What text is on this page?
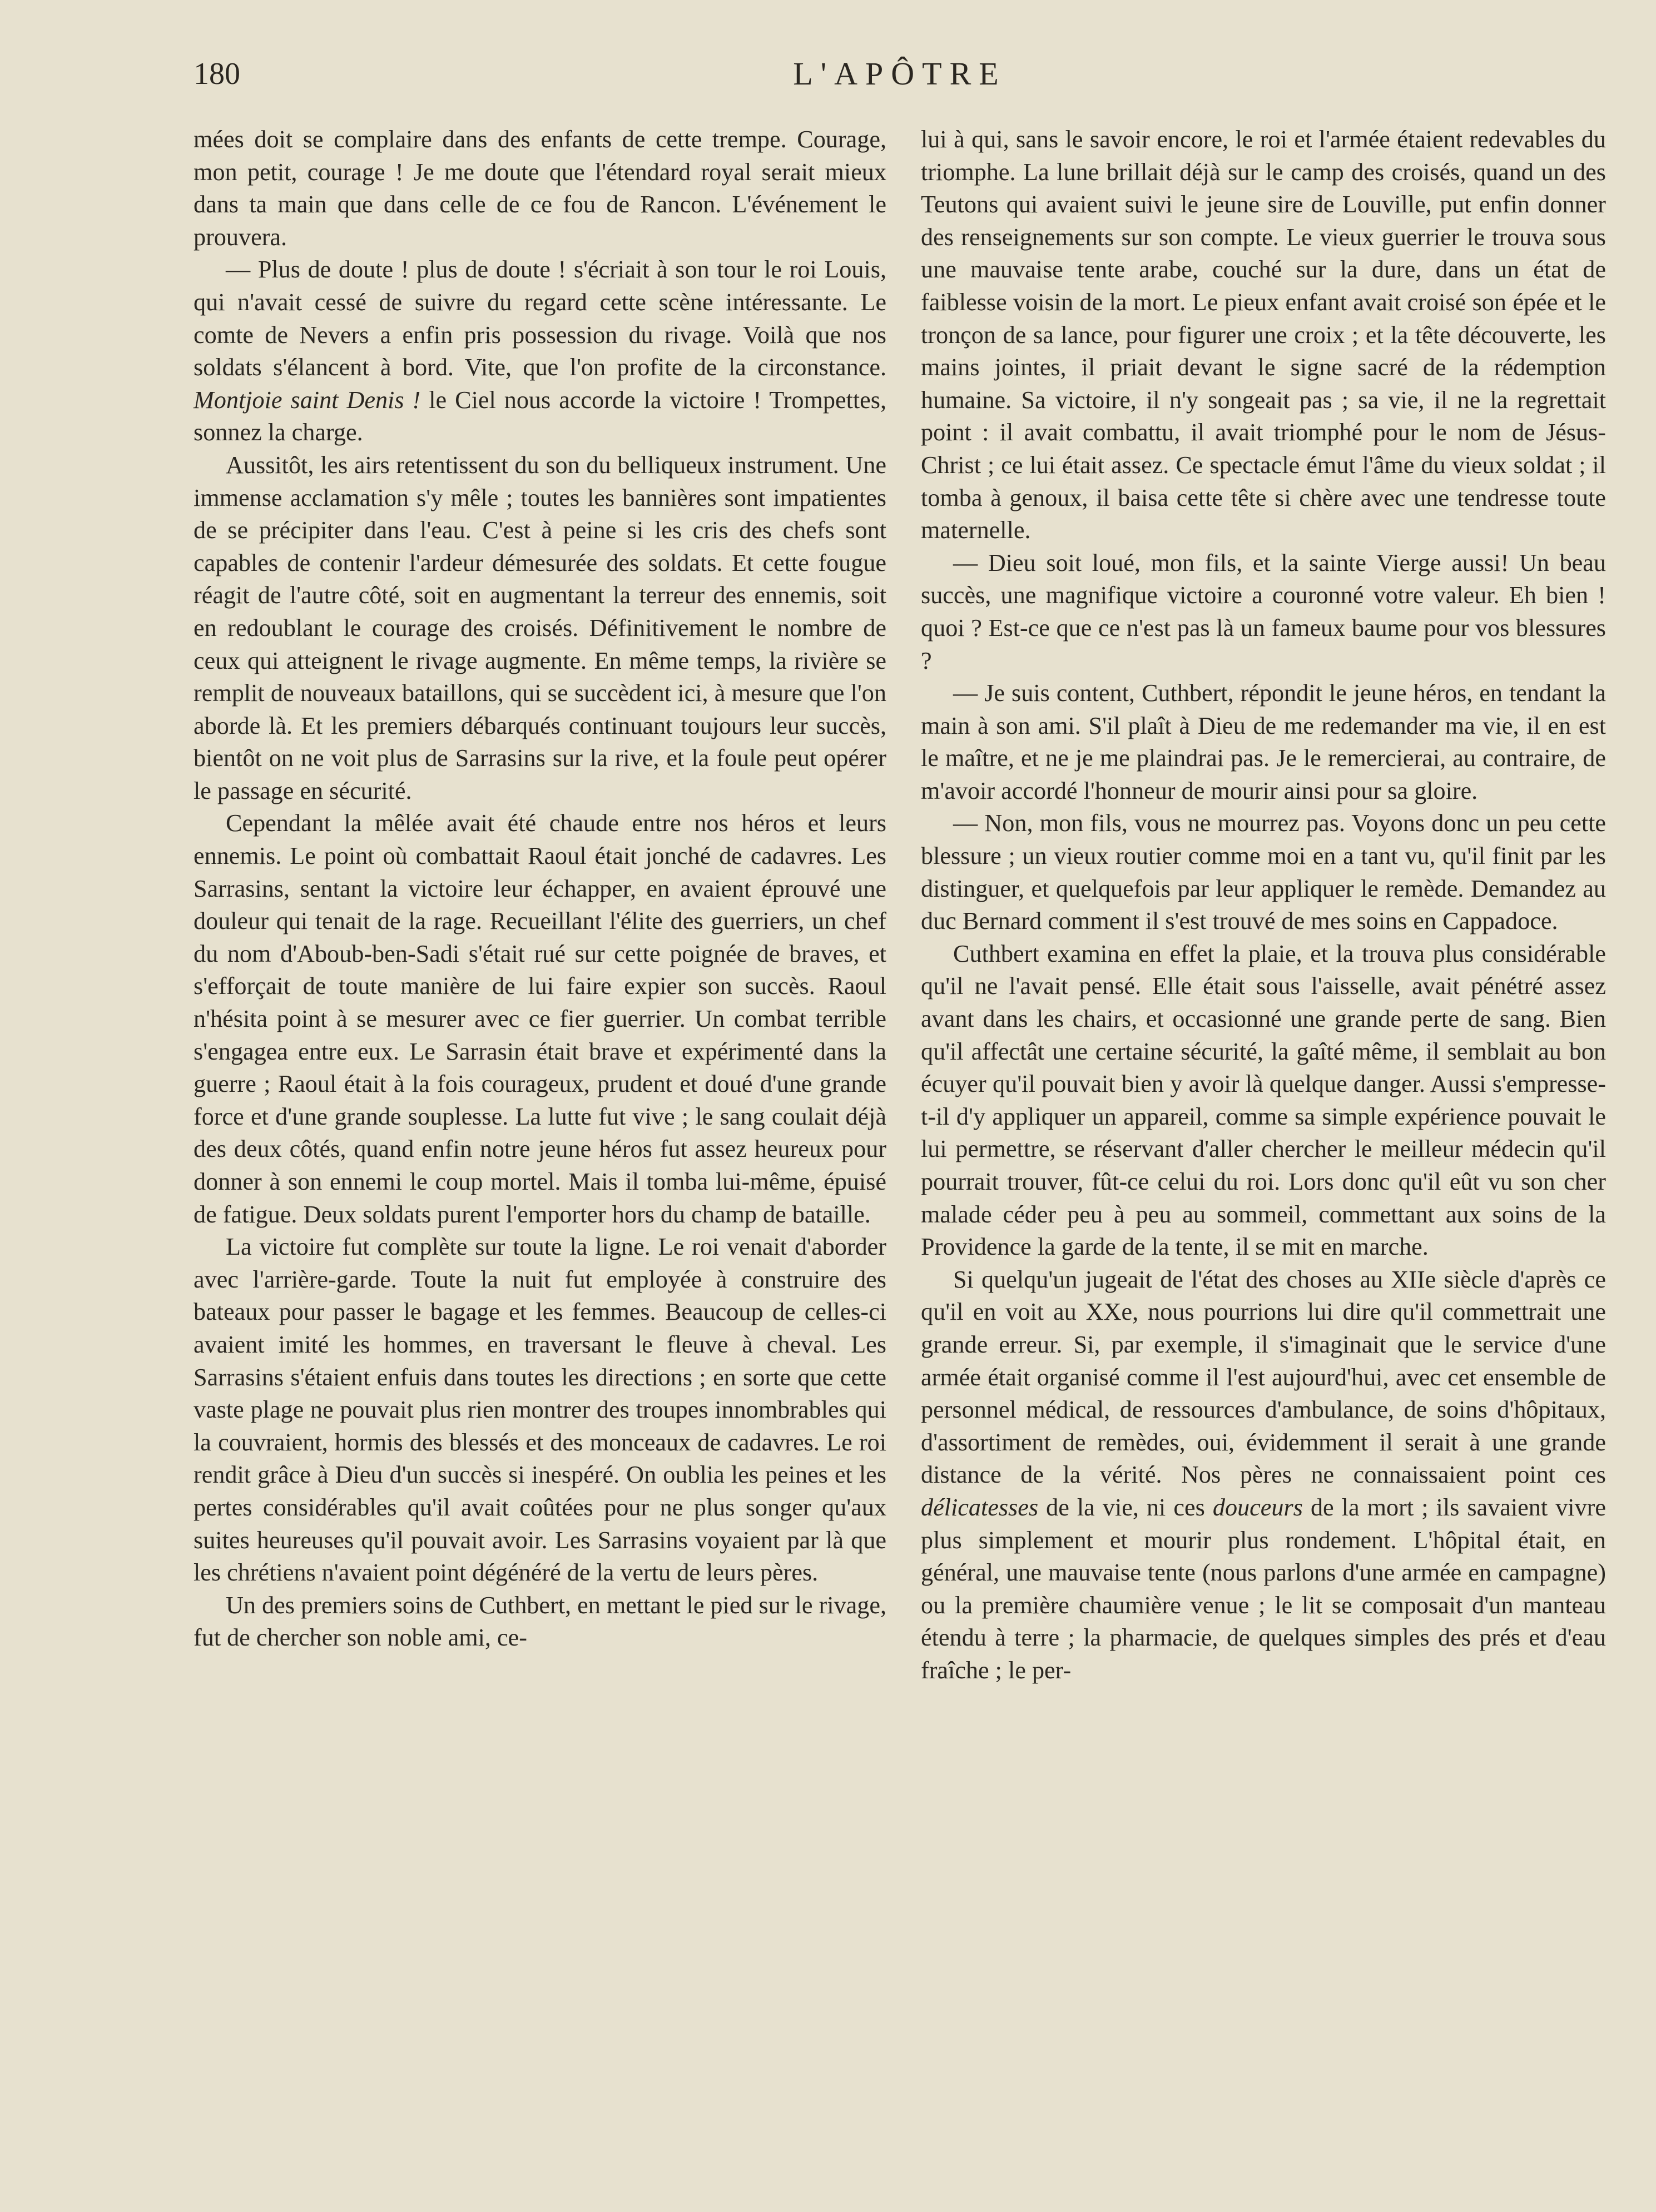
180	L'APÔTRE

mées doit se complaire dans des enfants de cette trempe. Courage, mon petit, courage ! Je me doute que l'étendard royal serait mieux dans ta main que dans celle de ce fou de Rancon. L'événement le prouvera.

— Plus de doute ! plus de doute ! s'écriait à son tour le roi Louis, qui n'avait cessé de suivre du regard cette scène intéressante. Le comte de Nevers a enfin pris possession du rivage. Voilà que nos soldats s'élancent à bord. Vite, que l'on profite de la circonstance. Montjoie saint Denis ! le Ciel nous accorde la victoire ! Trompettes, sonnez la charge.

Aussitôt, les airs retentissent du son du belliqueux instrument. Une immense acclamation s'y mêle ; toutes les bannières sont impatientes de se précipiter dans l'eau. C'est à peine si les cris des chefs sont capables de contenir l'ardeur démesurée des soldats. Et cette fougue réagit de l'autre côté, soit en augmentant la terreur des ennemis, soit en redoublant le courage des croisés. Définitivement le nombre de ceux qui atteignent le rivage augmente. En même temps, la rivière se remplit de nouveaux bataillons, qui se succèdent ici, à mesure que l'on aborde là. Et les premiers débarqués continuant toujours leur succès, bientôt on ne voit plus de Sarrasins sur la rive, et la foule peut opérer le passage en sécurité.

Cependant la mêlée avait été chaude entre nos héros et leurs ennemis. Le point où combattait Raoul était jonché de cadavres. Les Sarrasins, sentant la victoire leur échapper, en avaient éprouvé une douleur qui tenait de la rage. Recueillant l'élite des guerriers, un chef du nom d'Aboub-ben-Sadi s'était rué sur cette poignée de braves, et s'efforçait de toute manière de lui faire expier son succès. Raoul n'hésita point à se mesurer avec ce fier guerrier. Un combat terrible s'engagea entre eux. Le Sarrasin était brave et expérimenté dans la guerre ; Raoul était à la fois courageux, prudent et doué d'une grande force et d'une grande souplesse. La lutte fut vive ; le sang coulait déjà des deux côtés, quand enfin notre jeune héros fut assez heureux pour donner à son ennemi le coup mortel. Mais il tomba lui-même, épuisé de fatigue. Deux soldats purent l'emporter hors du champ de bataille.

La victoire fut complète sur toute la ligne. Le roi venait d'aborder avec l'arrière-garde. Toute la nuit fut employée à construire des bateaux pour passer le bagage et les femmes. Beaucoup de celles-ci avaient imité les hommes, en traversant le fleuve à cheval. Les Sarrasins s'étaient enfuis dans toutes les directions ; en sorte que cette vaste plage ne pouvait plus rien montrer des troupes innombrables qui la couvraient, hormis des blessés et des monceaux de cadavres. Le roi rendit grâce à Dieu d'un succès si inespéré. On oublia les peines et les pertes considérables qu'il avait coûtées pour ne plus songer qu'aux suites heureuses qu'il pouvait avoir. Les Sarrasins voyaient par là que les chrétiens n'avaient point dégénéré de la vertu de leurs pères.

Un des premiers soins de Cuthbert, en mettant le pied sur le rivage, fut de chercher son noble ami, ce-

lui à qui, sans le savoir encore, le roi et l'armée étaient redevables du triomphe. La lune brillait déjà sur le camp des croisés, quand un des Teutons qui avaient suivi le jeune sire de Louville, put enfin donner des renseignements sur son compte. Le vieux guerrier le trouva sous une mauvaise tente arabe, couché sur la dure, dans un état de faiblesse voisin de la mort. Le pieux enfant avait croisé son épée et le tronçon de sa lance, pour figurer une croix ; et la tête découverte, les mains jointes, il priait devant le signe sacré de la rédemption humaine. Sa victoire, il n'y songeait pas ; sa vie, il ne la regrettait point : il avait combattu, il avait triomphé pour le nom de Jésus-Christ ; ce lui était assez. Ce spectacle émut l'âme du vieux soldat ; il tomba à genoux, il baisa cette tête si chère avec une tendresse toute maternelle.

— Dieu soit loué, mon fils, et la sainte Vierge aussi! Un beau succès, une magnifique victoire a couronné votre valeur. Eh bien ! quoi ? Est-ce que ce n'est pas là un fameux baume pour vos blessures ?

— Je suis content, Cuthbert, répondit le jeune héros, en tendant la main à son ami. S'il plaît à Dieu de me redemander ma vie, il en est le maître, et ne je me plaindrai pas. Je le remercierai, au contraire, de m'avoir accordé l'honneur de mourir ainsi pour sa gloire.

— Non, mon fils, vous ne mourrez pas. Voyons donc un peu cette blessure ; un vieux routier comme moi en a tant vu, qu'il finit par les distinguer, et quelquefois par leur appliquer le remède. Demandez au duc Bernard comment il s'est trouvé de mes soins en Cappadoce.

Cuthbert examina en effet la plaie, et la trouva plus considérable qu'il ne l'avait pensé. Elle était sous l'aisselle, avait pénétré assez avant dans les chairs, et occasionné une grande perte de sang. Bien qu'il affectât une certaine sécurité, la gaîté même, il semblait au bon écuyer qu'il pouvait bien y avoir là quelque danger. Aussi s'empresse-t-il d'y appliquer un appareil, comme sa simple expérience pouvait le lui permettre, se réservant d'aller chercher le meilleur médecin qu'il pourrait trouver, fût-ce celui du roi. Lors donc qu'il eût vu son cher malade céder peu à peu au sommeil, commettant aux soins de la Providence la garde de la tente, il se mit en marche.

Si quelqu'un jugeait de l'état des choses au XIIe siècle d'après ce qu'il en voit au XXe, nous pourrions lui dire qu'il commettrait une grande erreur. Si, par exemple, il s'imaginait que le service d'une armée était organisé comme il l'est aujourd'hui, avec cet ensemble de personnel médical, de ressources d'ambulance, de soins d'hôpitaux, d'assortiment de remèdes, oui, évidemment il serait à une grande distance de la vérité. Nos pères ne connaissaient point ces délicatesses de la vie, ni ces douceurs de la mort ; ils savaient vivre plus simplement et mourir plus rondement. L'hôpital était, en général, une mauvaise tente (nous parlons d'une armée en campagne) ou la première chaumière venue ; le lit se composait d'un manteau étendu à terre ; la pharmacie, de quelques simples des prés et d'eau fraîche ; le per-
